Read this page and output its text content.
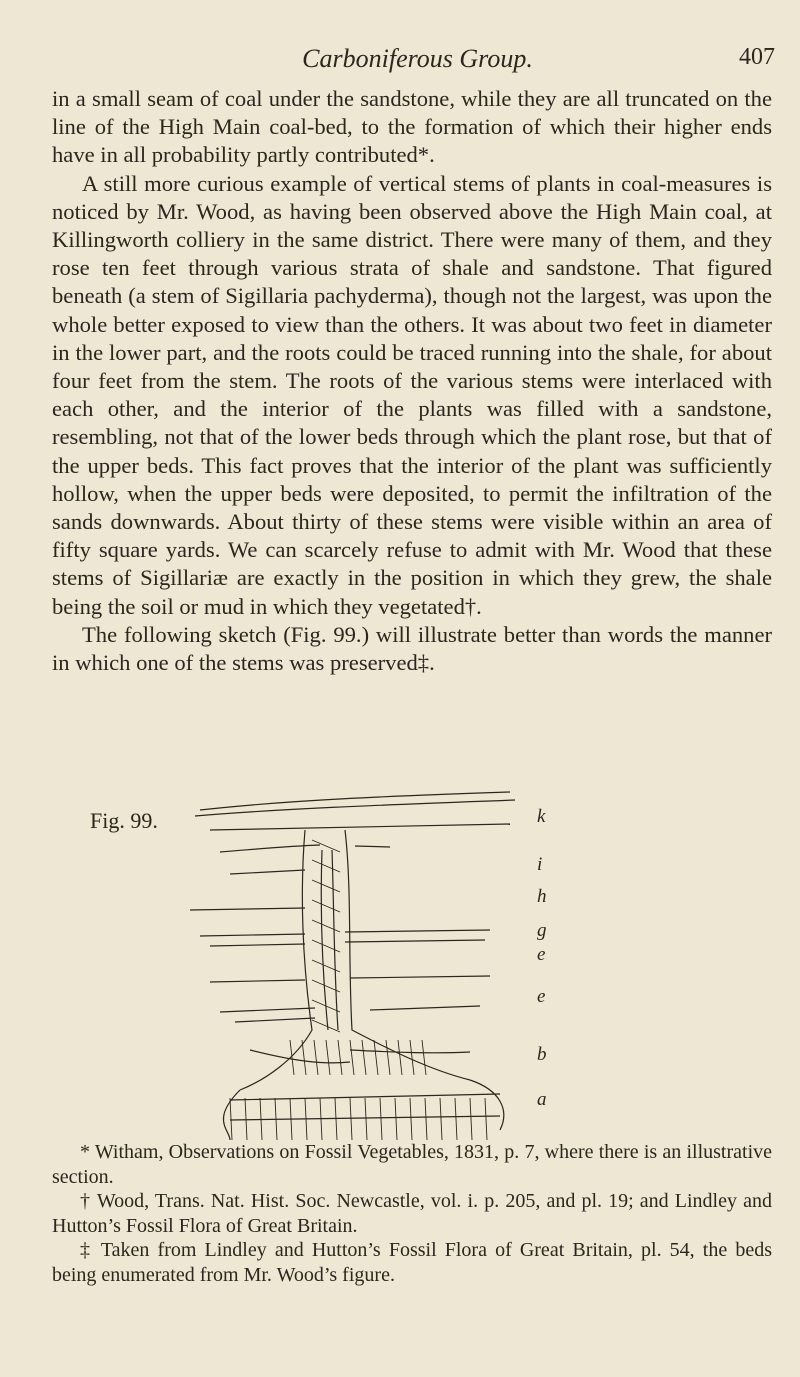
Carboniferous Group.	407

in a small seam of coal under the sandstone, while they are all truncated on the line of the High Main coal-bed, to the formation of which their higher ends have in all probability partly contributed*.

A still more curious example of vertical stems of plants in coal-measures is noticed by Mr. Wood, as having been observed above the High Main coal, at Killingworth colliery in the same district. There were many of them, and they rose ten feet through various strata of shale and sandstone. That figured beneath (a stem of Sigillaria pachyderma), though not the largest, was upon the whole better exposed to view than the others. It was about two feet in diameter in the lower part, and the roots could be traced running into the shale, for about four feet from the stem. The roots of the various stems were interlaced with each other, and the interior of the plants was filled with a sandstone, resembling, not that of the lower beds through which the plant rose, but that of the upper beds. This fact proves that the interior of the plant was sufficiently hollow, when the upper beds were deposited, to permit the infiltration of the sands downwards. About thirty of these stems were visible within an area of fifty square yards. We can scarcely refuse to admit with Mr. Wood that these stems of Sigillariæ are exactly in the position in which they grew, the shale being the soil or mud in which they vegetated†.

The following sketch (Fig. 99.) will illustrate better than words the manner in which one of the stems was preserved‡.

k
i
h
g
e
e
b
a
Fig. 99.

* Witham, Observations on Fossil Vegetables, 1831, p. 7, where there is an illustrative section.

† Wood, Trans. Nat. Hist. Soc. Newcastle, vol. i. p. 205, and pl. 19; and Lindley and Hutton’s Fossil Flora of Great Britain.

‡ Taken from Lindley and Hutton’s Fossil Flora of Great Britain, pl. 54, the beds being enumerated from Mr. Wood’s figure.
